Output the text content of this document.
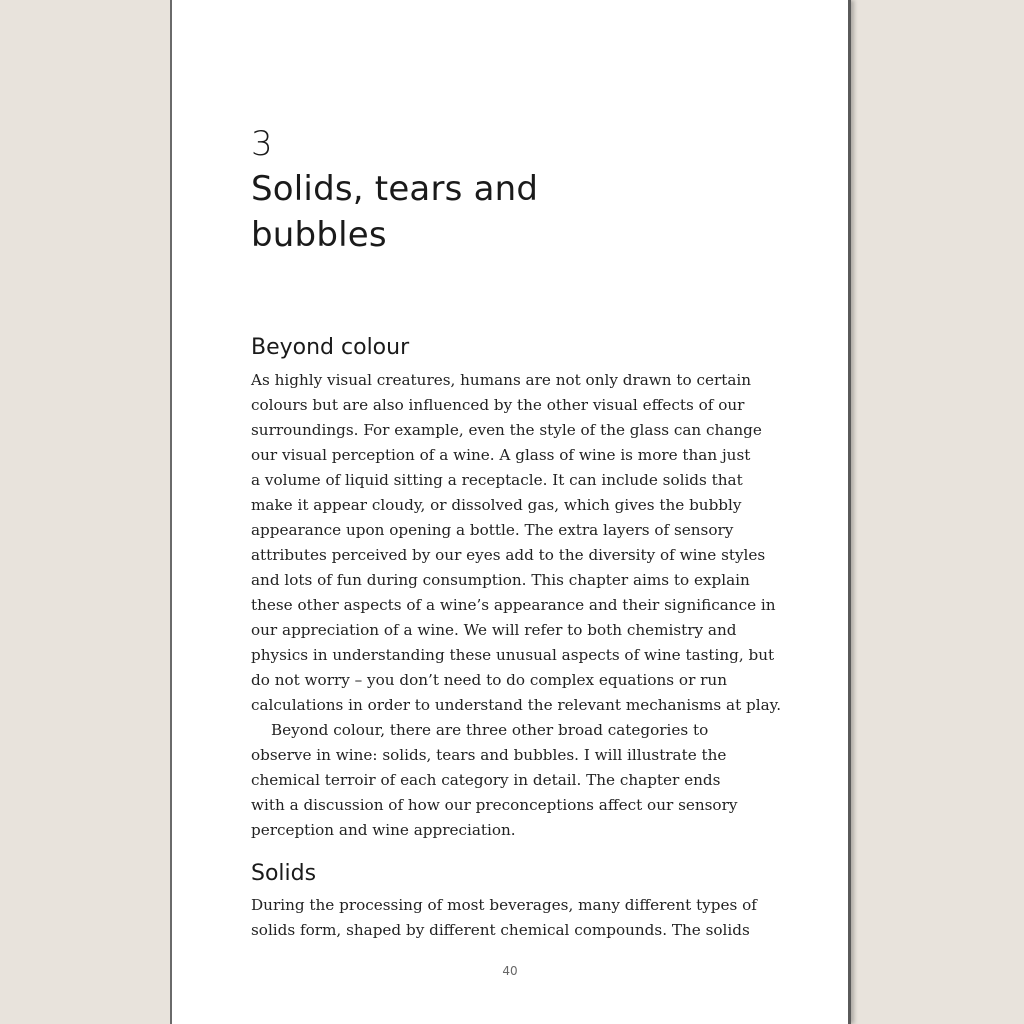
3
Solids, tears and
bubbles
Beyond colour

As highly visual creatures, humans are not only drawn to certain
colours but are also influenced by the other visual effects of our
surroundings. For example, even the style of the glass can change
our visual perception of a wine. A glass of wine is more than just
a volume of liquid sitting a receptacle. It can include solids that
make it appear cloudy, or dissolved gas, which gives the bubbly
appearance upon opening a bottle. The extra layers of sensory
attributes perceived by our eyes add to the diversity of wine styles
and lots of fun during consumption. This chapter aims to explain
these other aspects of a wine’s appearance and their significance in
our appreciation of a wine. We will refer to both chemistry and
physics in understanding these unusual aspects of wine tasting, but
do not worry – you don’t need to do complex equations or run
calculations in order to understand the relevant mechanisms at play.
Beyond colour, there are three other broad categories to
observe in wine: solids, tears and bubbles. I will illustrate the
chemical terroir of each category in detail. The chapter ends
with a discussion of how our preconceptions affect our sensory
perception and wine appreciation.

Solids

During the processing of most beverages, many different types of
solids form, shaped by different chemical compounds. The solids

40
